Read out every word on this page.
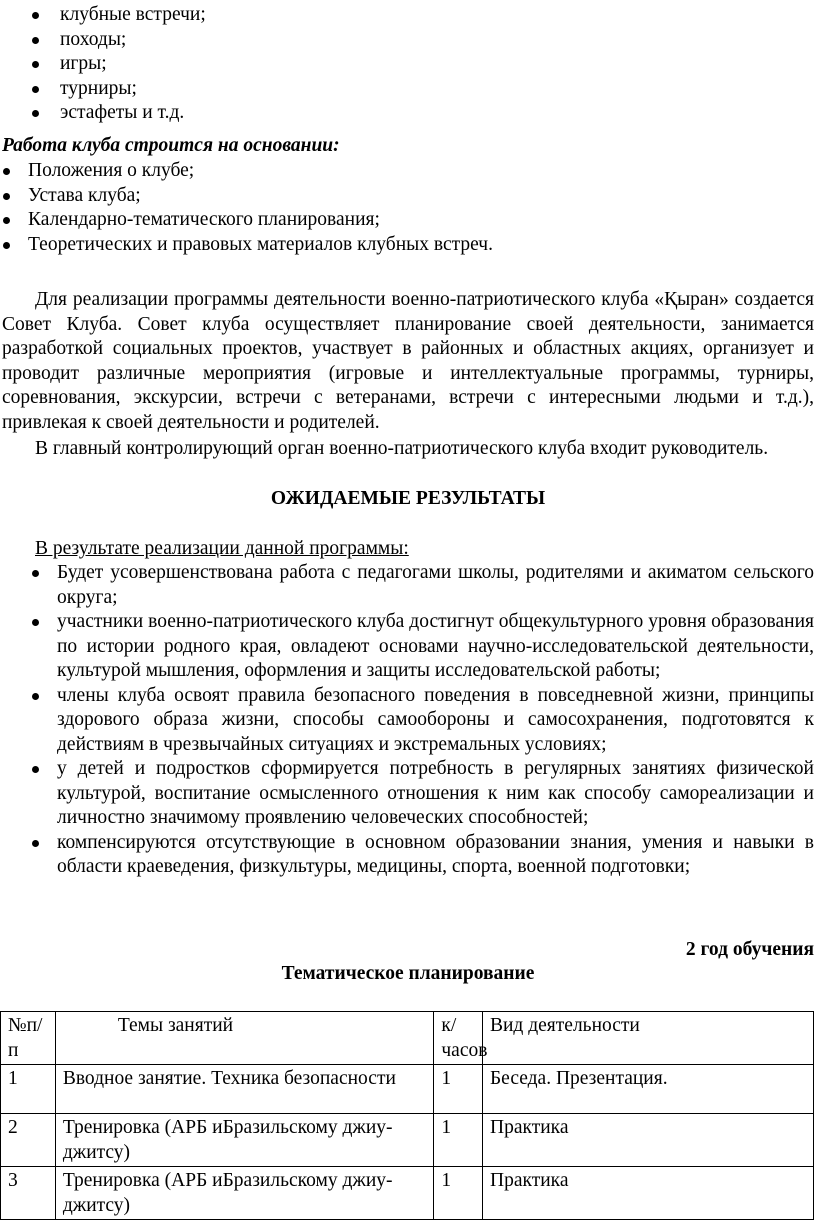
клубные встречи;
походы;
игры;
турниры;
эстафеты и т.д.
Работа клуба строится на основании:
Положения о клубе;
Устава клуба;
Календарно-тематического планирования;
Теоретических и правовых материалов клубных встреч.
Для реализации программы деятельности военно-патриотического клуба «Қыран» создается Совет Клуба. Совет клуба осуществляет планирование своей деятельности, занимается разработкой социальных проектов, участвует в районных и областных акциях, организует и проводит различные мероприятия (игровые и интеллектуальные программы, турниры, соревнования, экскурсии, встречи с ветеранами, встречи с интересными людьми и т.д.), привлекая к своей деятельности и родителей.
В главный контролирующий орган военно-патриотического клуба входит руководитель.
ОЖИДАЕМЫЕ РЕЗУЛЬТАТЫ
В результате реализации данной программы:
Будет усовершенствована работа с педагогами школы, родителями и акиматом сельского округа;
участники военно-патриотического клуба достигнут общекультурного уровня образования по истории родного края, овладеют основами научно-исследовательской деятельности, культурой мышления, оформления и защиты исследовательской работы;
члены клуба освоят правила безопасного поведения в повседневной жизни, принципы здорового образа жизни, способы самообороны и самосохранения, подготовятся к действиям в чрезвычайных ситуациях и экстремальных условиях;
у детей и подростков сформируется потребность в регулярных занятиях физической культурой, воспитание осмысленного отношения к ним как способу самореализации и личностно значимому проявлению человеческих способностей;
компенсируются отсутствующие в основном образовании знания, умения и навыки в области краеведения, физкультуры, медицины, спорта, военной подготовки;
2 год обучения
Тематическое планирование
№п/п	Темы занятий	к/часов	Вид деятельности
1	Вводное занятие. Техника безопасности	1	Беседа. Презентация.
2	Тренировка (АРБ иБразильскому джиу-джитсу)	1	Практика
3	Тренировка (АРБ иБразильскому джиу-джитсу)	1	Практика
